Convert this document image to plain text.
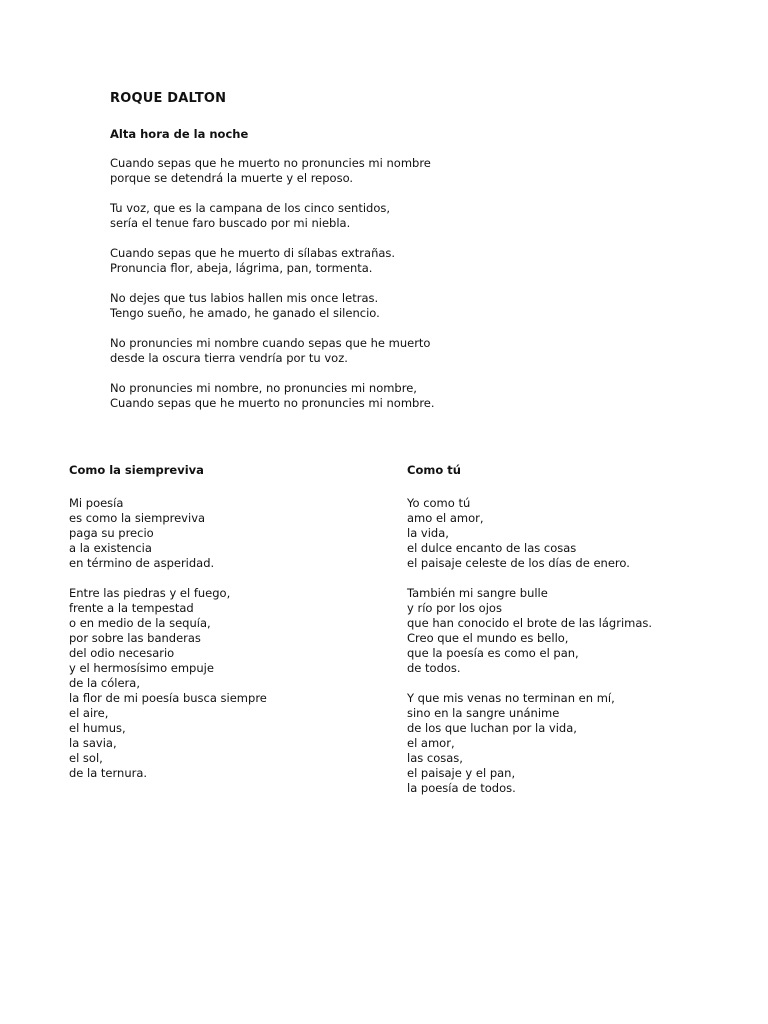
ROQUE DALTON
Alta hora de la noche
Cuando sepas que he muerto no pronuncies mi nombre
porque se detendrá la muerte y el reposo.
Tu voz, que es la campana de los cinco sentidos,
sería el tenue faro buscado por mi niebla.
Cuando sepas que he muerto di sílabas extrañas.
Pronuncia flor, abeja, lágrima, pan, tormenta.
No dejes que tus labios hallen mis once letras.
Tengo sueño, he amado, he ganado el silencio.
No pronuncies mi nombre cuando sepas que he muerto
desde la oscura tierra vendría por tu voz.
No pronuncies mi nombre, no pronuncies mi nombre,
Cuando sepas que he muerto no pronuncies mi nombre.
Como la siempreviva
Mi poesía
es como la siempreviva
paga su precio
a la existencia
en término de asperidad.
Entre las piedras y el fuego,
frente a la tempestad
o en medio de la sequía,
por sobre las banderas
del odio necesario
y el hermosísimo empuje
de la cólera,
la flor de mi poesía busca siempre
el aire,
el humus,
la savia,
el sol,
de la ternura.
Como tú
Yo como tú
amo el amor,
la vida,
el dulce encanto de las cosas
el paisaje celeste de los días de enero.
También mi sangre bulle
y río por los ojos
que han conocido el brote de las lágrimas.
Creo que el mundo es bello,
que la poesía es como el pan,
de todos.
Y que mis venas no terminan en mí,
sino en la sangre unánime
de los que luchan por la vida,
el amor,
las cosas,
el paisaje y el pan,
la poesía de todos.
